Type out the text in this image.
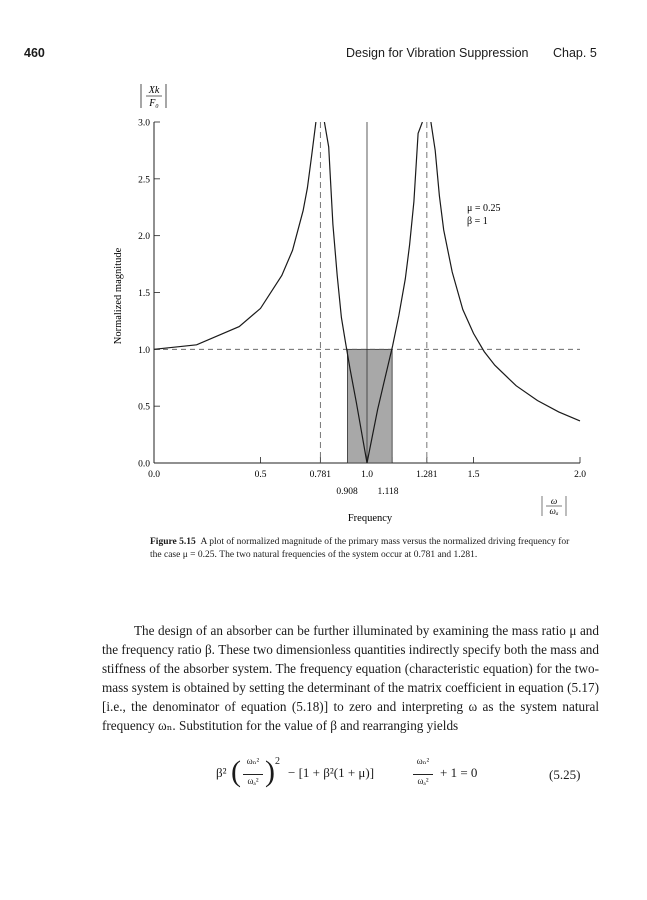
460	Design for Vibration Suppression Chap. 5
Xk
F₀
Normalized magnitude
0.0
0.5
1.0
1.5
2.0
2.5
3.0
0.0	0.5	0.781	1.0	1.281	1.5	2.0
μ = 0.25
β = 1
0.908 1.118
ω
ωₐ
Frequency
Figure 5.15 A plot of normalized magnitude of the primary mass versus the normalized driving frequency for the case μ = 0.25. The two natural frequencies of the system occur at 0.781 and 1.281.

The design of an absorber can be further illuminated by examining the mass ratio μ and the frequency ratio β. These two dimensionless quantities indirectly specify both the mass and stiffness of the absorber system. The frequency equation (characteristic equation) for the two-mass system is obtained by setting the determinant of the matrix coefficient in equation (5.17) [i.e., the denominator of equation (5.18)] to zero and interpreting ω as the system natural frequency ωₙ. Substitution for the value of β and rearranging yields

β² ( ωₙ²
ωₐ² ) 2
− [1 + β²(1 + μ)]
ωₙ²
ωₐ²
+ 1 = 0	(5.25)
